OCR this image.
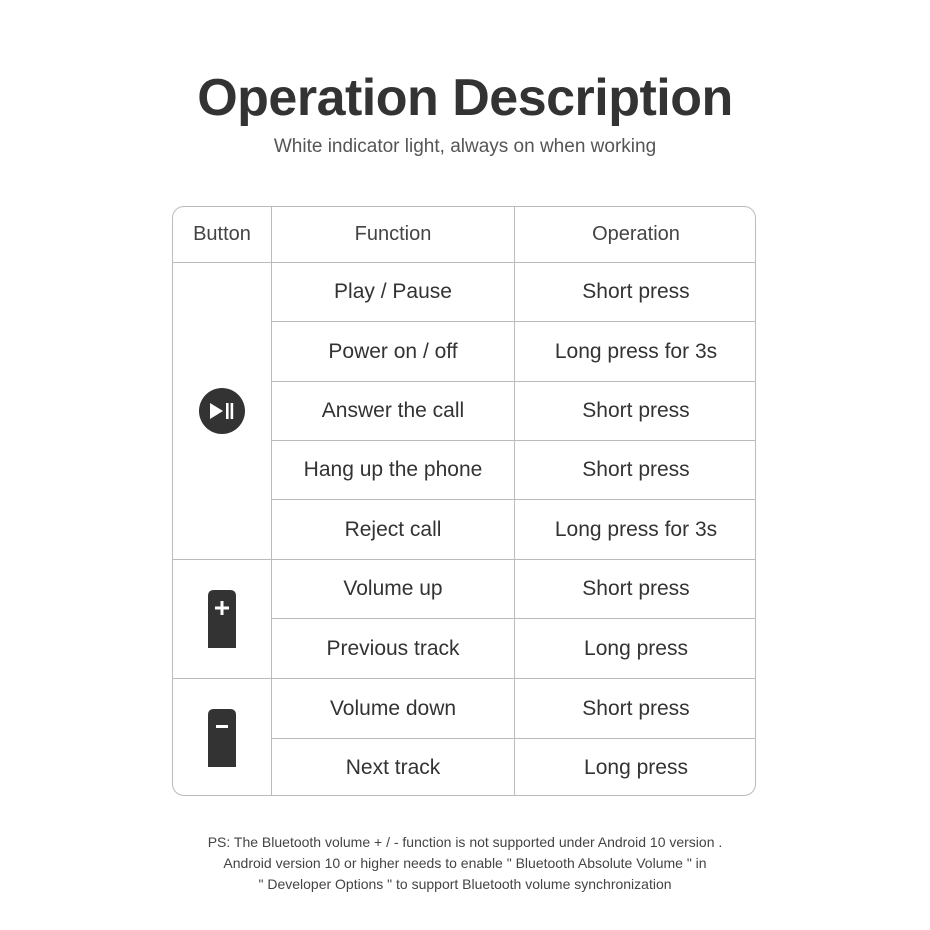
Operation Description
White indicator light, always on when working
Button	Function	Operation
Play / Pause	Short press
Power on / off	Long press for 3s
Answer the call	Short press
Hang up the phone	Short press
Reject call	Long press for 3s
Volume up	Short press
Previous track	Long press
Volume down	Short press
Next track	Long press
PS: The Bluetooth volume + / - function is not supported under Android 10 version .
Android version 10 or higher needs to enable " Bluetooth Absolute Volume " in
" Developer Options " to support Bluetooth volume synchronization
